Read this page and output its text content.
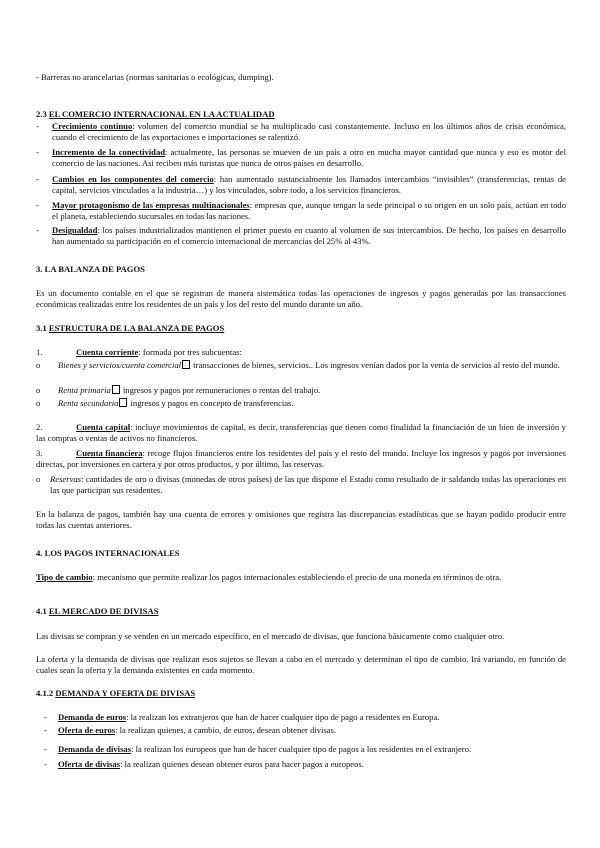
- Barreras no arancelarias (normas sanitarias o ecológicas, dumping).
2.3 EL COMERCIO INTERNACIONAL EN LA ACTUALIDAD
- Crecimiento continuo: volumen del comercio mundial se ha multiplicado casi constantemente. Incluso en los últimos años de crisis económica, cuando el crecimiento de las exportaciones e importaciones se ralentizó.
- Incremento de la conectividad: actualmente, las personas se mueven de un país a otro en mucha mayor cantidad que nunca y eso es motor del comercio de las naciones. Asi reciben más turistas que nunca de otros países en desarrollo.
- Cambios en los componentes del comercio: han aumentado sustancialmente los llamados intercambios “invisibles” (transferencias, rentas de capital, servicios vinculados a la industria…) y los vinculados, sobre todo, a los servicios financieros.
- Mayor protagonismo de las empresas multinacionales: empresas que, aunque tengan la sede principal o su origen en un solo país, actúan en todo el planeta, estableciendo sucursales en todas las naciones.
- Desigualdad: los países industrializados mantienen el primer puesto en cuanto al volumen de sus intercambios. De hecho, los países en desarrollo han aumentado su participación en el comercio internacional de mercancías del 25% al 43%.
3. LA BALANZA DE PAGOS
Es un documento contable en el que se registran de manera sistemática todas las operaciones de ingresos y pagos generadas por las transacciones económicas realizadas entre los residentes de un país y los del resto del mundo durante un año.
3.1 ESTRUCTURA DE LA BALANZA DE PAGOS
1.	Cuenta corriente: formada por tres subcuentas:
o Bienes y servicios/cuenta comercial transacciones de bienes, servicios.. Los ingresos venían dados por la venta de servicios al resto del mundo.
o Renta primaria ingresos y pagos por remuneraciones o rentas del trabajo.
o Renta secundaria ingresos y pagos en concepto de transferencias.
2.	Cuenta capital: incluye movimientos de capital, es decir, transferencias que tienen como finalidad la financiación de un bien de inversión y las compras o ventas de activos no financieros.
3.	Cuenta financiera: recoge flujos financieros entre los residentes del país y el resto del mundo. Incluye los ingresos y pagos por inversiones directas, por inversiones en cartera y por otros productos, y por último, las reservas.
o Reservas: cantidades de oro o divisas (monedas de otros países) de las que dispone el Estado como resultado de ir saldando todas las operaciones en las que participan sus residentes.
En la balanza de pagos, también hay una cuenta de errores y omisiones que registra las discrepancias estadísticas que se hayan podido producir entre todas las cuentas anteriores.
4. LOS PAGOS INTERNACIONALES
Tipo de cambio: mecanismo que permite realizar los pagos internacionales estableciendo el precio de una moneda en términos de otra.
4.1 EL MERCADO DE DIVISAS
Las divisas se compran y se venden en un mercado específico, en el mercado de divisas, que funciona básicamente como cualquier otro.
La oferta y la demanda de divisas que realizan esos sujetos se llevan a cabo en el mercado y determinan el tipo de cambio. Irá variando, en función de cuales sean la oferta y la demanda existentes en cada momento.
4.1.2 DEMANDA Y OFERTA DE DIVISAS
- Demanda de euros: la realizan los extranjeros que han de hacer cualquier tipo de pago a residentes en Europa.
- Oferta de euros: la realizan quienes, a cambio, de euros, desean obtener divisas.
- Demanda de divisas: la realizan los europeos que han de hacer cualquier tipo de pagos a los residentes en el extranjero.
- Oferta de divisas: la realizan quienes desean obtener euros para hacer pagos a europeos.
